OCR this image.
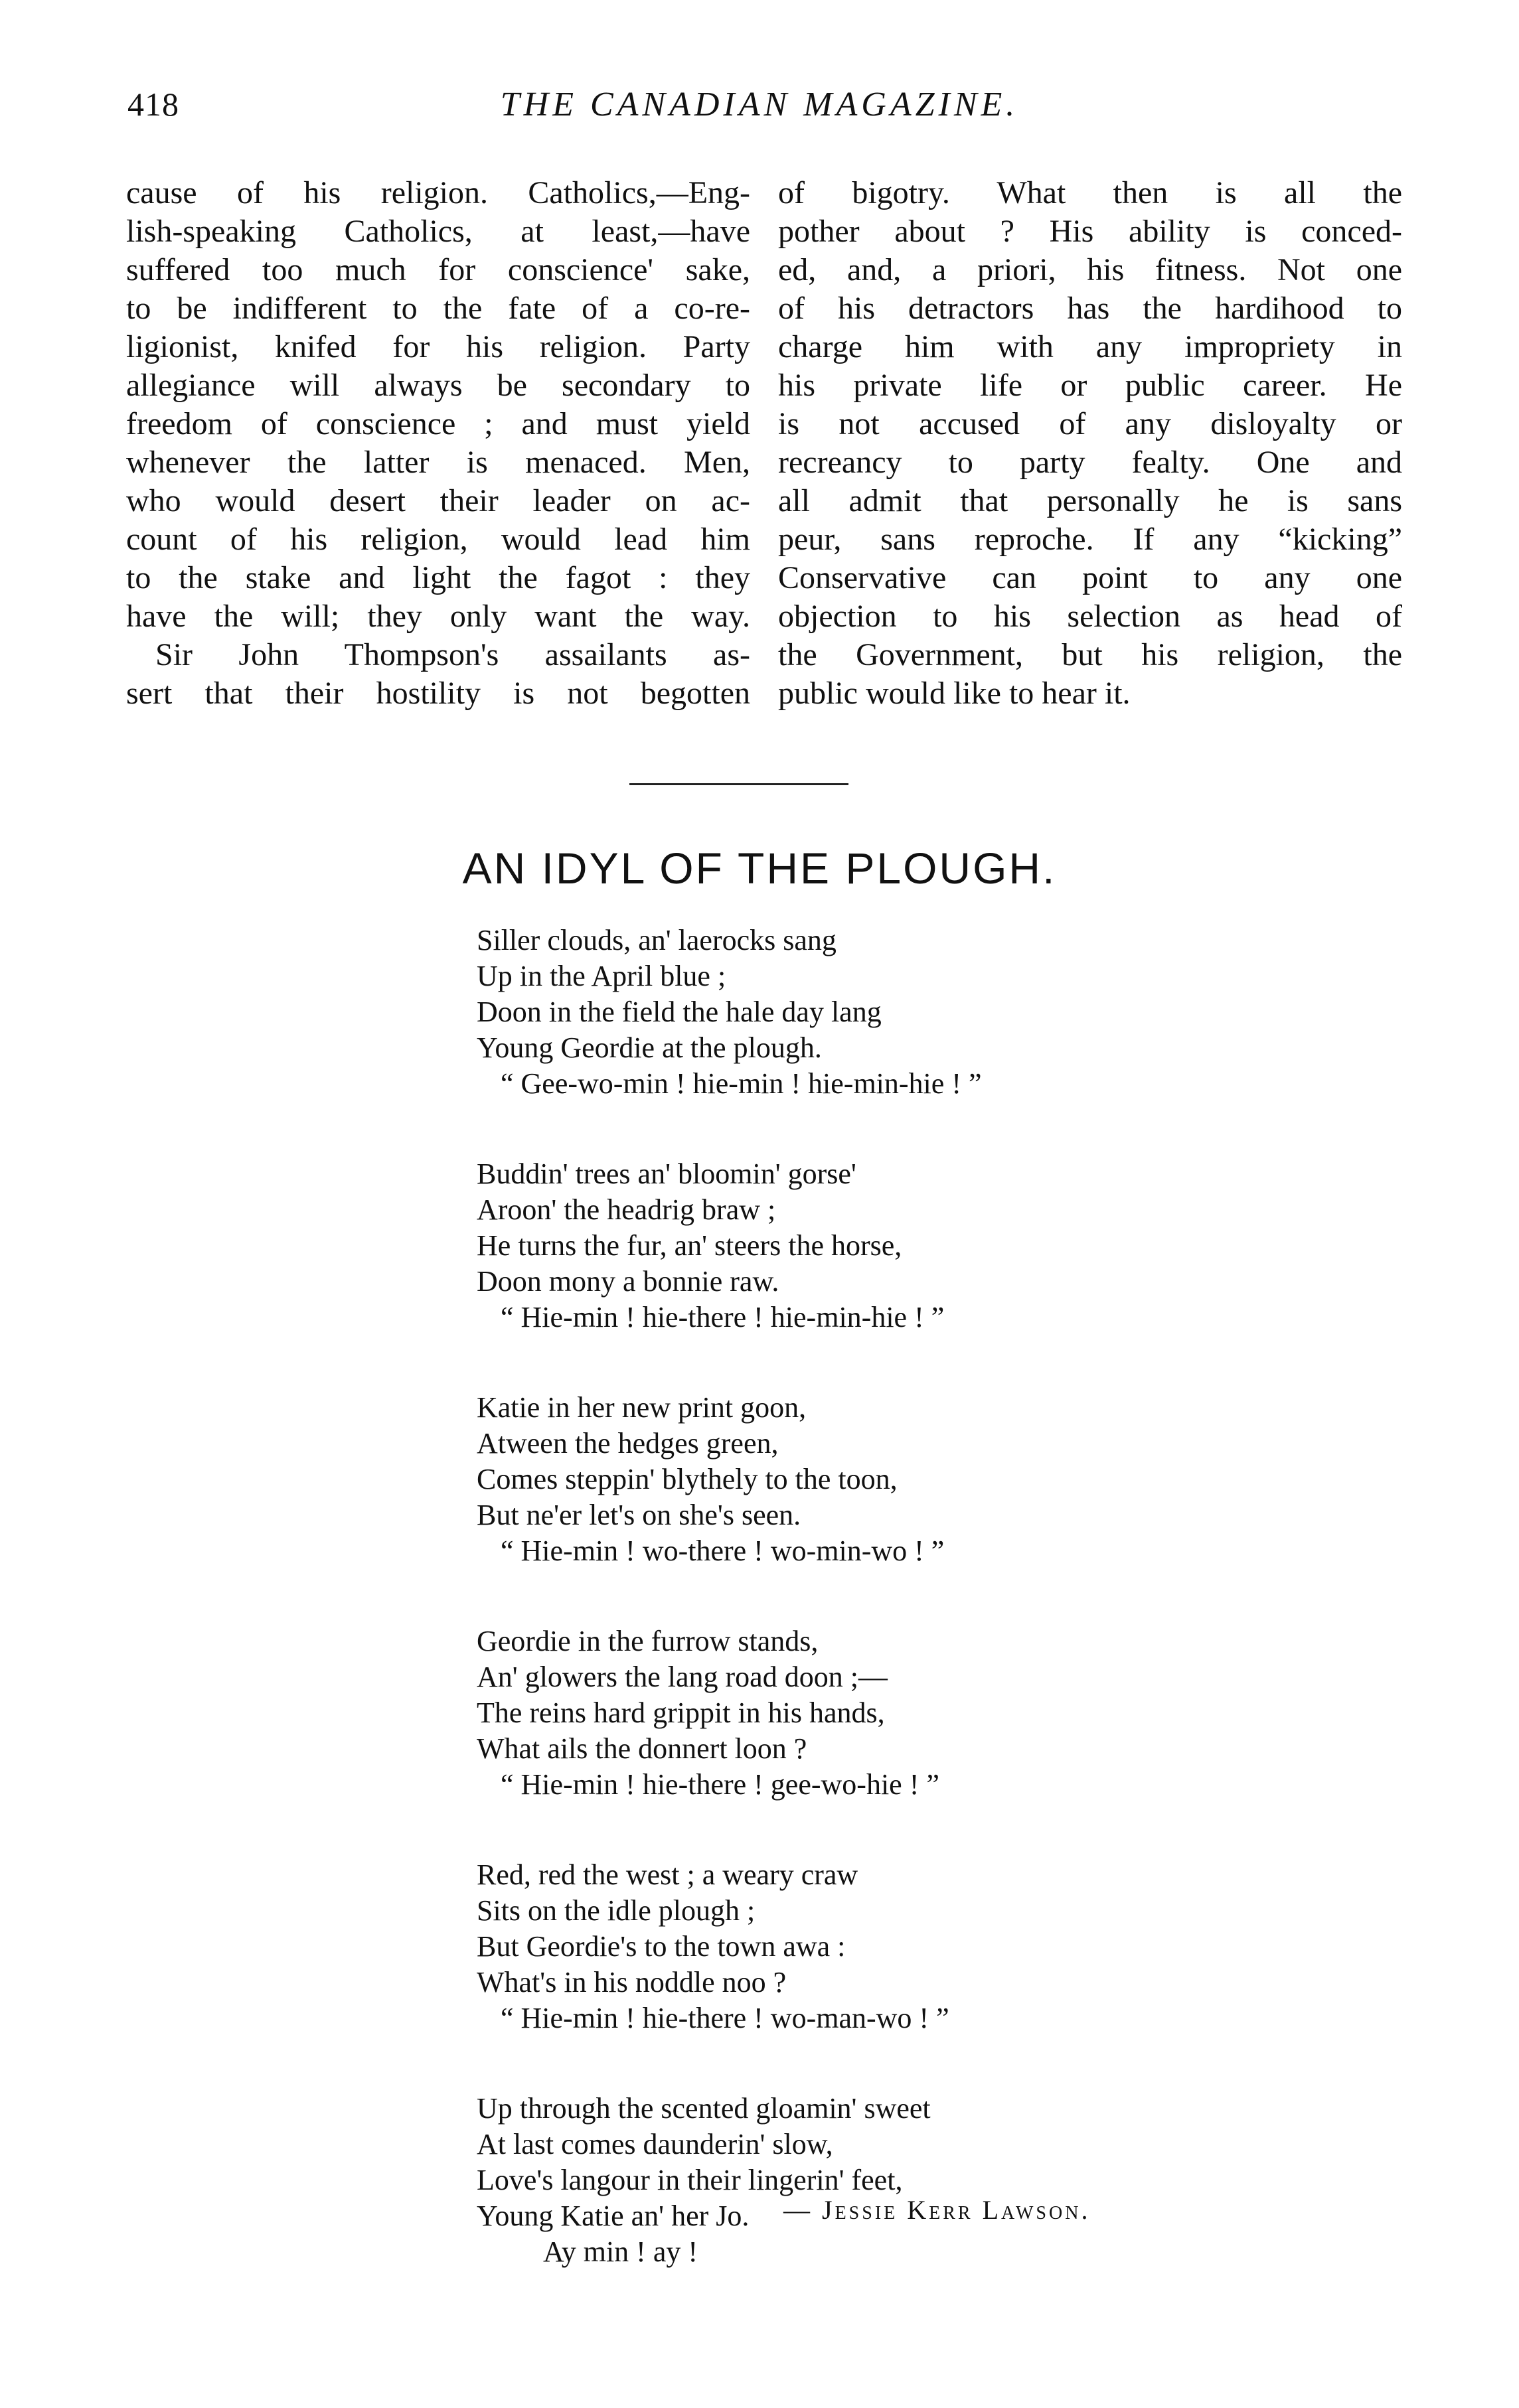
418	THE CANADIAN MAGAZINE.
cause of his religion. Catholics,—Eng-
lish-speaking Catholics, at least,—have
suffered too much for conscience' sake,
to be indifferent to the fate of a co-re-
ligionist, knifed for his religion. Party
allegiance will always be secondary to
freedom of conscience ; and must yield
whenever the latter is menaced. Men,
who would desert their leader on ac-
count of his religion, would lead him
to the stake and light the fagot : they
have the will; they only want the way.
Sir John Thompson's assailants as-
sert that their hostility is not begotten
of bigotry. What then is all the
pother about ? His ability is conced-
ed, and, a priori, his fitness. Not one
of his detractors has the hardihood to
charge him with any impropriety in
his private life or public career. He
is not accused of any disloyalty or
recreancy to party fealty. One and
all admit that personally he is sans
peur, sans reproche. If any “kicking”
Conservative can point to any one
objection to his selection as head of
the Government, but his religion, the
public would like to hear it.
AN IDYL OF THE PLOUGH.
Siller clouds, an' laerocks sang
Up in the April blue ;
Doon in the field the hale day lang
Young Geordie at the plough.
“ Gee-wo-min ! hie-min ! hie-min-hie ! ”
Buddin' trees an' bloomin' gorse'
Aroon' the headrig braw ;
He turns the fur, an' steers the horse,
Doon mony a bonnie raw.
“ Hie-min ! hie-there ! hie-min-hie ! ”
Katie in her new print goon,
Atween the hedges green,
Comes steppin' blythely to the toon,
But ne'er let's on she's seen.
“ Hie-min ! wo-there ! wo-min-wo ! ”
Geordie in the furrow stands,
An' glowers the lang road doon ;—
The reins hard grippit in his hands,
What ails the donnert loon ?
“ Hie-min ! hie-there ! gee-wo-hie ! ”
Red, red the west ; a weary craw
Sits on the idle plough ;
But Geordie's to the town awa :
What's in his noddle noo ?
“ Hie-min ! hie-there ! wo-man-wo ! ”
Up through the scented gloamin' sweet
At last comes daunderin' slow,
Love's langour in their lingerin' feet,
Young Katie an' her Jo.
Ay min ! ay !
— Jessie Kerr Lawson.
